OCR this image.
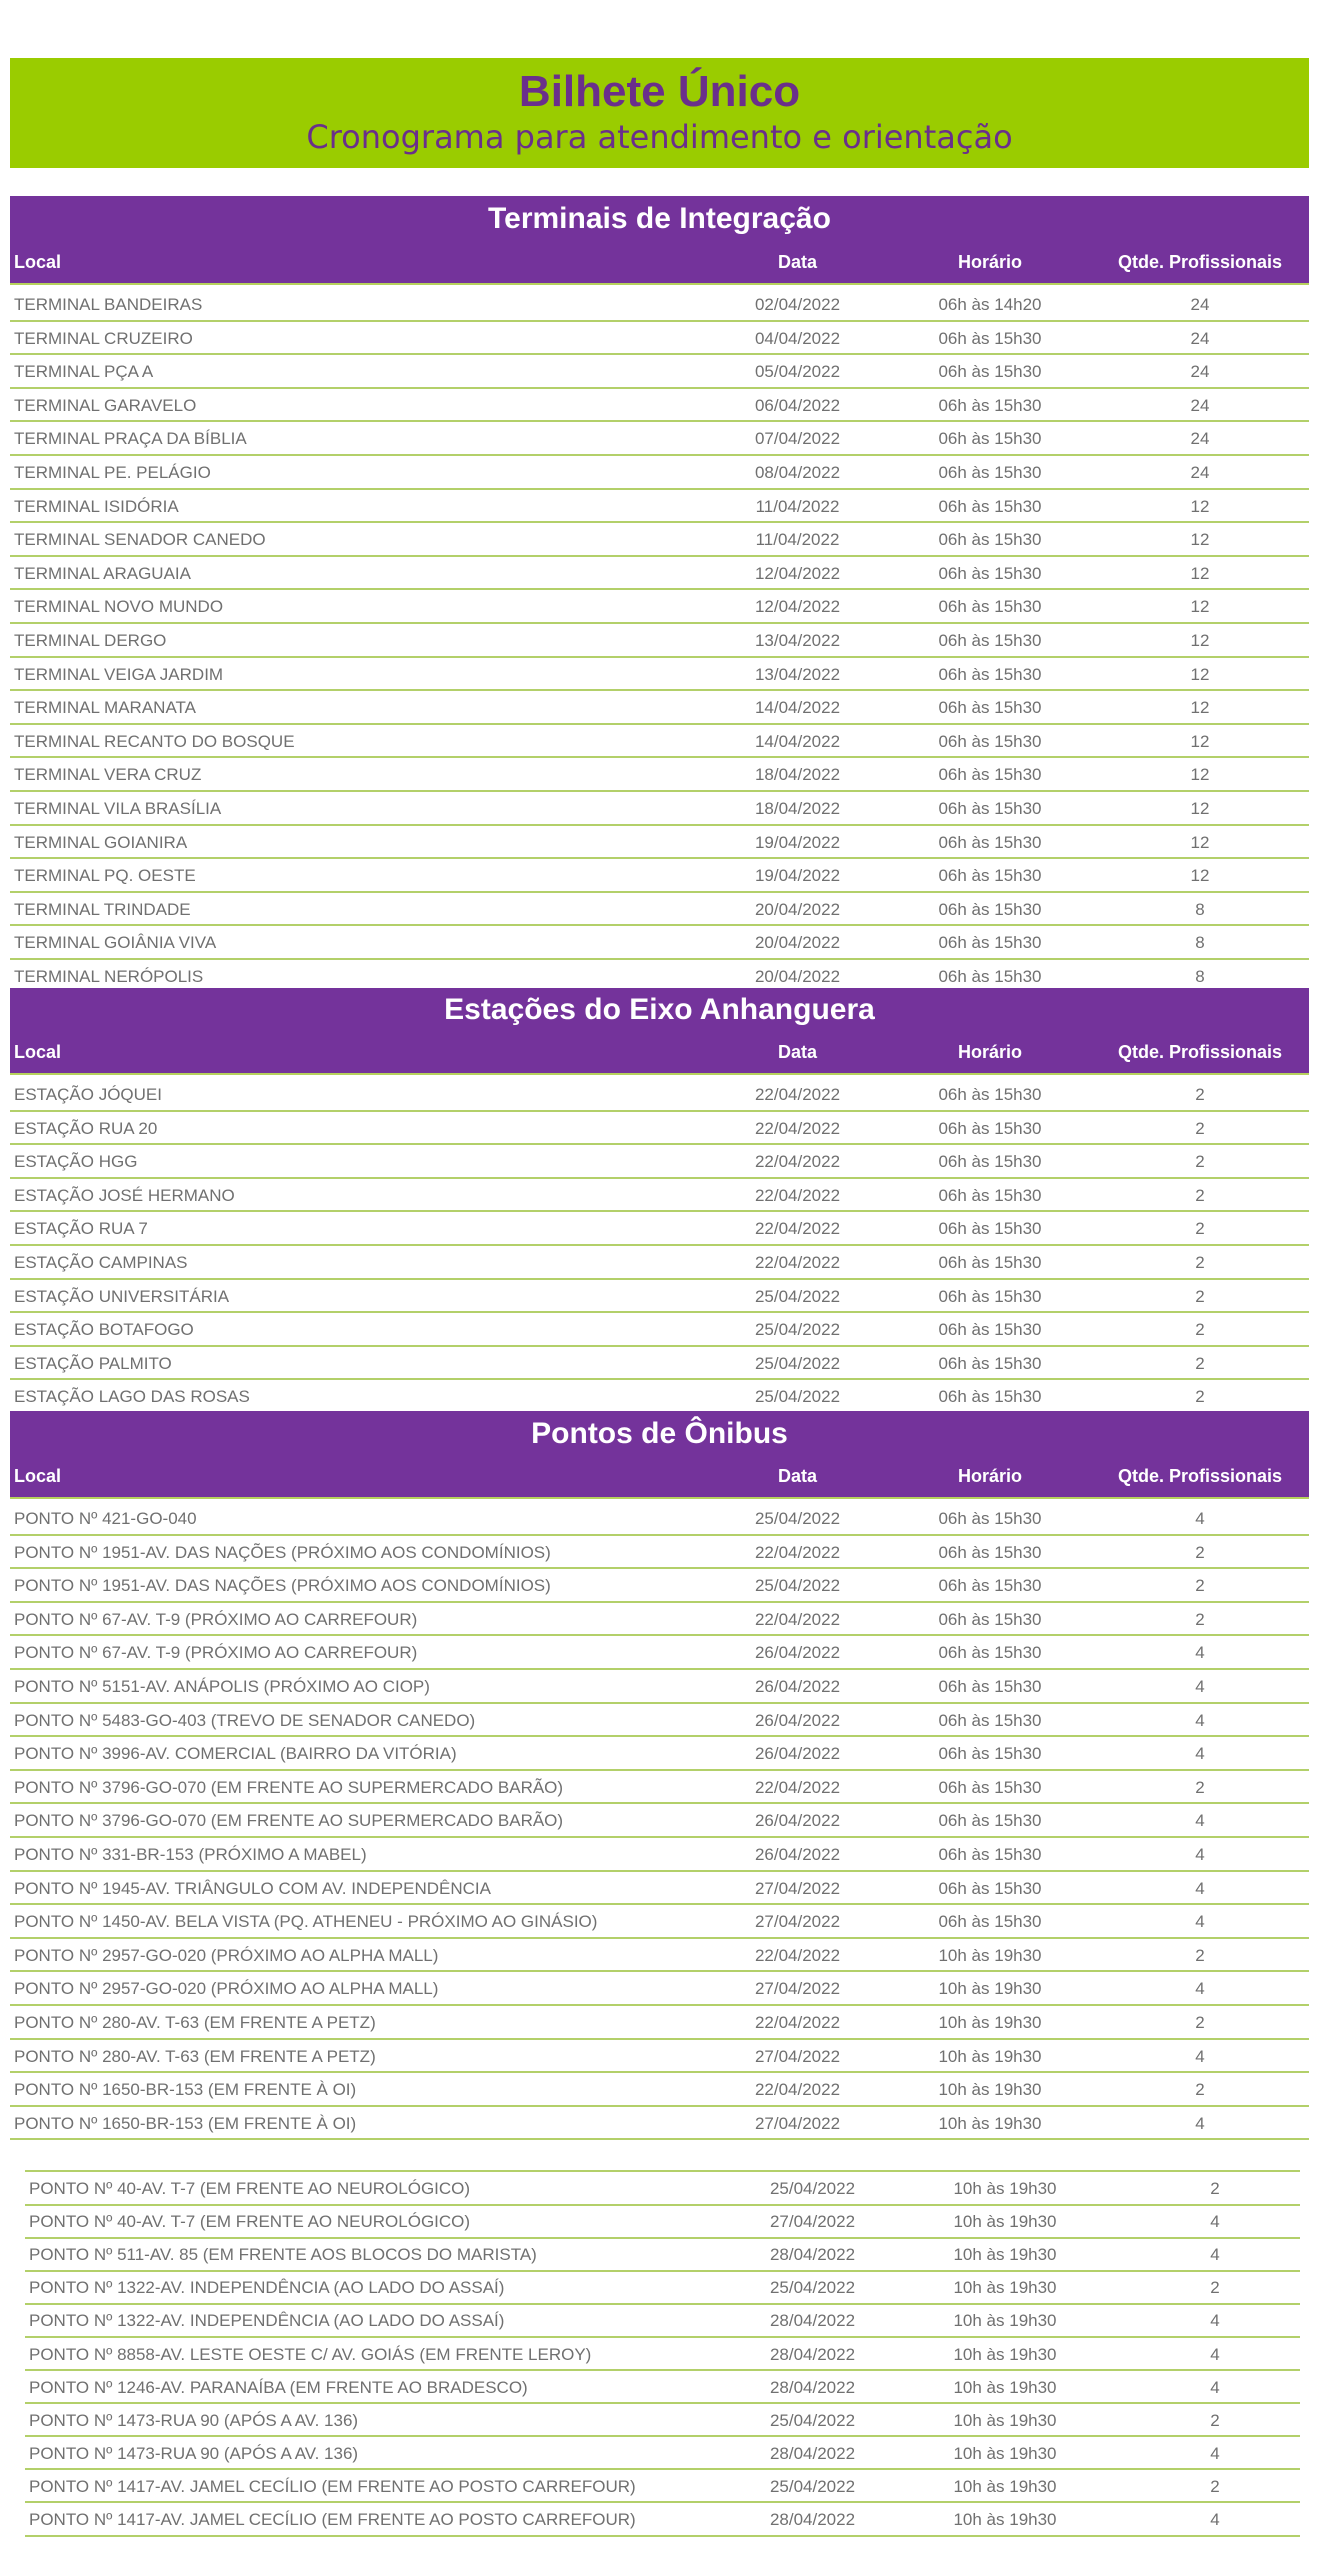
Bilhete Único
Cronograma para atendimento e orientação
Terminais de Integração
Local	Data	Horário	Qtde. Profissionais
TERMINAL BANDEIRAS	02/04/2022	06h às 14h20	24
TERMINAL CRUZEIRO	04/04/2022	06h às 15h30	24
TERMINAL PÇA A	05/04/2022	06h às 15h30	24
TERMINAL GARAVELO	06/04/2022	06h às 15h30	24
TERMINAL PRAÇA DA BÍBLIA	07/04/2022	06h às 15h30	24
TERMINAL PE. PELÁGIO	08/04/2022	06h às 15h30	24
TERMINAL ISIDÓRIA	11/04/2022	06h às 15h30	12
TERMINAL SENADOR CANEDO	11/04/2022	06h às 15h30	12
TERMINAL ARAGUAIA	12/04/2022	06h às 15h30	12
TERMINAL NOVO MUNDO	12/04/2022	06h às 15h30	12
TERMINAL DERGO	13/04/2022	06h às 15h30	12
TERMINAL VEIGA JARDIM	13/04/2022	06h às 15h30	12
TERMINAL MARANATA	14/04/2022	06h às 15h30	12
TERMINAL RECANTO DO BOSQUE	14/04/2022	06h às 15h30	12
TERMINAL VERA CRUZ	18/04/2022	06h às 15h30	12
TERMINAL VILA BRASÍLIA	18/04/2022	06h às 15h30	12
TERMINAL GOIANIRA	19/04/2022	06h às 15h30	12
TERMINAL PQ. OESTE	19/04/2022	06h às 15h30	12
TERMINAL TRINDADE	20/04/2022	06h às 15h30	8
TERMINAL GOIÂNIA VIVA	20/04/2022	06h às 15h30	8
TERMINAL NERÓPOLIS	20/04/2022	06h às 15h30	8
Estações do Eixo Anhanguera
Local	Data	Horário	Qtde. Profissionais
ESTAÇÃO JÓQUEI	22/04/2022	06h às 15h30	2
ESTAÇÃO RUA 20	22/04/2022	06h às 15h30	2
ESTAÇÃO HGG	22/04/2022	06h às 15h30	2
ESTAÇÃO JOSÉ HERMANO	22/04/2022	06h às 15h30	2
ESTAÇÃO RUA 7	22/04/2022	06h às 15h30	2
ESTAÇÃO CAMPINAS	22/04/2022	06h às 15h30	2
ESTAÇÃO UNIVERSITÁRIA	25/04/2022	06h às 15h30	2
ESTAÇÃO BOTAFOGO	25/04/2022	06h às 15h30	2
ESTAÇÃO PALMITO	25/04/2022	06h às 15h30	2
ESTAÇÃO LAGO DAS ROSAS	25/04/2022	06h às 15h30	2
Pontos de Ônibus
Local	Data	Horário	Qtde. Profissionais
PONTO Nº 421-GO-040	25/04/2022	06h às 15h30	4
PONTO Nº 1951-AV. DAS NAÇÕES (PRÓXIMO AOS CONDOMÍNIOS)	22/04/2022	06h às 15h30	2
PONTO Nº 1951-AV. DAS NAÇÕES (PRÓXIMO AOS CONDOMÍNIOS)	25/04/2022	06h às 15h30	2
PONTO Nº 67-AV. T-9 (PRÓXIMO AO CARREFOUR)	22/04/2022	06h às 15h30	2
PONTO Nº 67-AV. T-9 (PRÓXIMO AO CARREFOUR)	26/04/2022	06h às 15h30	4
PONTO Nº 5151-AV. ANÁPOLIS (PRÓXIMO AO CIOP)	26/04/2022	06h às 15h30	4
PONTO Nº 5483-GO-403 (TREVO DE SENADOR CANEDO)	26/04/2022	06h às 15h30	4
PONTO Nº 3996-AV. COMERCIAL (BAIRRO DA VITÓRIA)	26/04/2022	06h às 15h30	4
PONTO Nº 3796-GO-070 (EM FRENTE AO SUPERMERCADO BARÃO)	22/04/2022	06h às 15h30	2
PONTO Nº 3796-GO-070 (EM FRENTE AO SUPERMERCADO BARÃO)	26/04/2022	06h às 15h30	4
PONTO Nº 331-BR-153 (PRÓXIMO A MABEL)	26/04/2022	06h às 15h30	4
PONTO Nº 1945-AV. TRIÂNGULO COM AV. INDEPENDÊNCIA	27/04/2022	06h às 15h30	4
PONTO Nº 1450-AV. BELA VISTA (PQ. ATHENEU - PRÓXIMO AO GINÁSIO)	27/04/2022	06h às 15h30	4
PONTO Nº 2957-GO-020 (PRÓXIMO AO ALPHA MALL)	22/04/2022	10h às 19h30	2
PONTO Nº 2957-GO-020 (PRÓXIMO AO ALPHA MALL)	27/04/2022	10h às 19h30	4
PONTO Nº 280-AV. T-63 (EM FRENTE A PETZ)	22/04/2022	10h às 19h30	2
PONTO Nº 280-AV. T-63 (EM FRENTE A PETZ)	27/04/2022	10h às 19h30	4
PONTO Nº 1650-BR-153 (EM FRENTE À OI)	22/04/2022	10h às 19h30	2
PONTO Nº 1650-BR-153 (EM FRENTE À OI)	27/04/2022	10h às 19h30	4
PONTO Nº 40-AV. T-7 (EM FRENTE AO NEUROLÓGICO)	25/04/2022	10h às 19h30	2
PONTO Nº 40-AV. T-7 (EM FRENTE AO NEUROLÓGICO)	27/04/2022	10h às 19h30	4
PONTO Nº 511-AV. 85 (EM FRENTE AOS BLOCOS DO MARISTA)	28/04/2022	10h às 19h30	4
PONTO Nº 1322-AV. INDEPENDÊNCIA (AO LADO DO ASSAÍ)	25/04/2022	10h às 19h30	2
PONTO Nº 1322-AV. INDEPENDÊNCIA (AO LADO DO ASSAÍ)	28/04/2022	10h às 19h30	4
PONTO Nº 8858-AV. LESTE OESTE C/ AV. GOIÁS (EM FRENTE LEROY)	28/04/2022	10h às 19h30	4
PONTO Nº 1246-AV. PARANAÍBA (EM FRENTE AO BRADESCO)	28/04/2022	10h às 19h30	4
PONTO Nº 1473-RUA 90 (APÓS A AV. 136)	25/04/2022	10h às 19h30	2
PONTO Nº 1473-RUA 90 (APÓS A AV. 136)	28/04/2022	10h às 19h30	4
PONTO Nº 1417-AV. JAMEL CECÍLIO (EM FRENTE AO POSTO CARREFOUR)	25/04/2022	10h às 19h30	2
PONTO Nº 1417-AV. JAMEL CECÍLIO (EM FRENTE AO POSTO CARREFOUR)	28/04/2022	10h às 19h30	4
